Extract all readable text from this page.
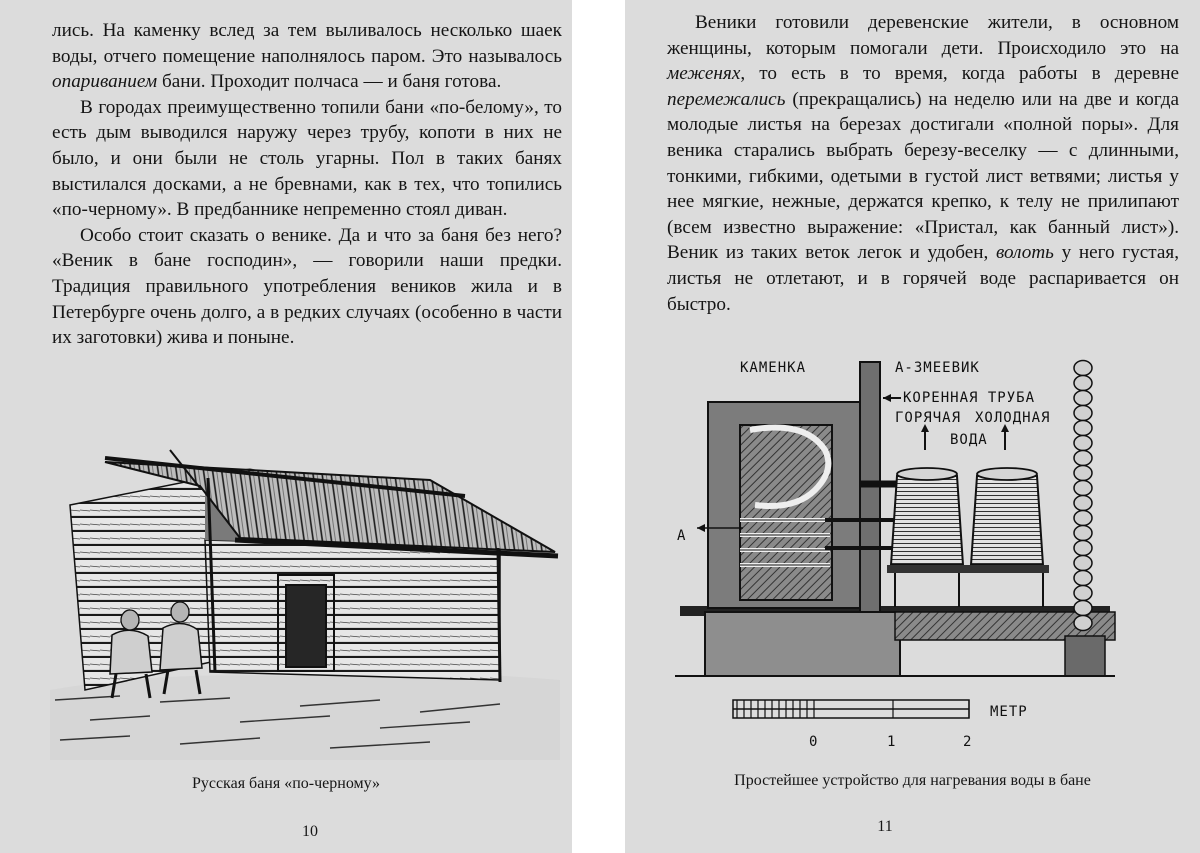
лись. На каменку вслед за тем выливалось несколько шаек воды, отчего помещение наполнялось паром. Это называлось опариванием бани. Проходит полчаса — и баня готова.

В городах преимущественно топили бани «по-белому», то есть дым выводился наружу через трубу, копоти в них не было, и они были не столь угарны. Пол в таких банях выстилался досками, а не бревнами, как в тех, что топились «по-черному». В предбаннике непременно стоял диван.

Особо стоит сказать о венике. Да и что за баня без него? «Веник в бане господин», — говорили наши предки. Традиция правильного употребления веников жила и в Петербурге очень долго, а в редких случаях (особенно в части их заготовки) жива и поныне.

Русская баня «по-черному»
10

Веники готовили деревенские жители, в основном женщины, которым помогали дети. Происходило это на меженях, то есть в то время, когда работы в деревне перемежались (прекращались) на неделю или на две и когда молодые листья на березах достигали «полной поры». Для веника старались выбрать березу-веселку — с длинными, тонкими, гибкими, одетыми в густой лист ветвями; листья у нее мягкие, нежные, держатся крепко, к телу не прилипают (всем известно выражение: «Пристал, как банный лист»). Веник из таких веток легок и удобен, волоть у него густая, листья не отлетают, и в горячей воде распаривается он быстро.

КАМЕНКА	А-ЗМЕЕВИК
КОРЕННАЯ ТРУБА
ГОРЯЧАЯ ХОЛОДНАЯ
ВОДА
А
МЕТР
0	1	2
Простейшее устройство для нагревания воды в бане
11
